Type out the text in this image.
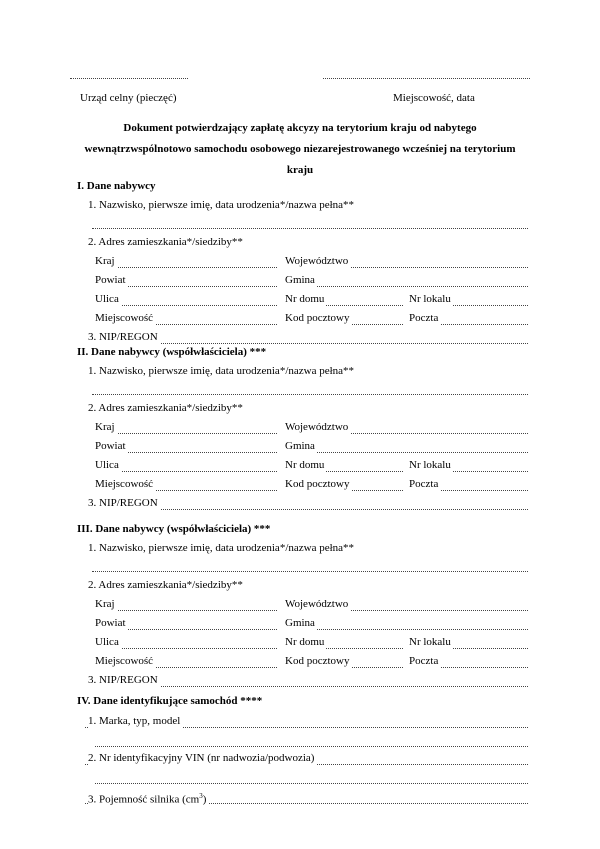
Urząd celny (pieczęć)	Miejscowość, data
Dokument potwierdzający zapłatę akcyzy na terytorium kraju od nabytego
wewnątrzwspólnotowo samochodu osobowego niezarejestrowanego wcześniej na terytorium
kraju
I. Dane nabywcy
1. Nazwisko, pierwsze imię, data urodzenia*/nazwa pełna**
2. Adres zamieszkania*/siedziby**
Kraj	Województwo
Powiat	Gmina
Ulica	Nr domu	Nr lokalu
Miejscowość	Kod pocztowy	Poczta
3. NIP/REGON
II. Dane nabywcy (współwłaściciela) ***
1. Nazwisko, pierwsze imię, data urodzenia*/nazwa pełna**
2. Adres zamieszkania*/siedziby**
Kraj	Województwo
Powiat	Gmina
Ulica	Nr domu	Nr lokalu
Miejscowość	Kod pocztowy	Poczta
3. NIP/REGON
III. Dane nabywcy (współwłaściciela) ***
1. Nazwisko, pierwsze imię, data urodzenia*/nazwa pełna**
2. Adres zamieszkania*/siedziby**
Kraj	Województwo
Powiat	Gmina
Ulica	Nr domu	Nr lokalu
Miejscowość	Kod pocztowy	Poczta
3. NIP/REGON
IV. Dane identyfikujące samochód ****
1. Marka, typ, model
2. Nr identyfikacyjny VIN (nr nadwozia/podwozia)
3. Pojemność silnika $(cm^3)$
